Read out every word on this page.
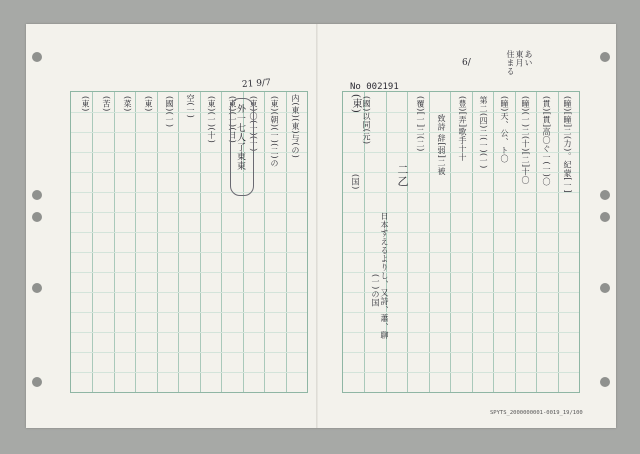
21 9/7	No 002191
6/	あい
東月
住まる
SPYTS_2000000001-0019_19/100
(東)	(瞳)[瞳]二(力)。紀蒙[一]
(貫)[貫]高〇ぐ一(一)〇
(瞳)(一)二(十)[二]十〇
(瞳)天、公、ト〇
第二(四)二(一)(一)
(豊)[弄]歌手十十
致詩 辞[弱]二被
(覆)[一]二(二)
二乙
日本すえるよりし、又詩、蕭、聊
(國)以同(元)
(一)の国
(国)
内(東)(東)与(の)
(東)(朝)(一)(二)の
(東)〇(一)(十)
(東)(一)(日)
(東)(一)(十)
空(一)
(國)(一)
(東)
(菜)
(苦)
(東)
外一七人了東東
